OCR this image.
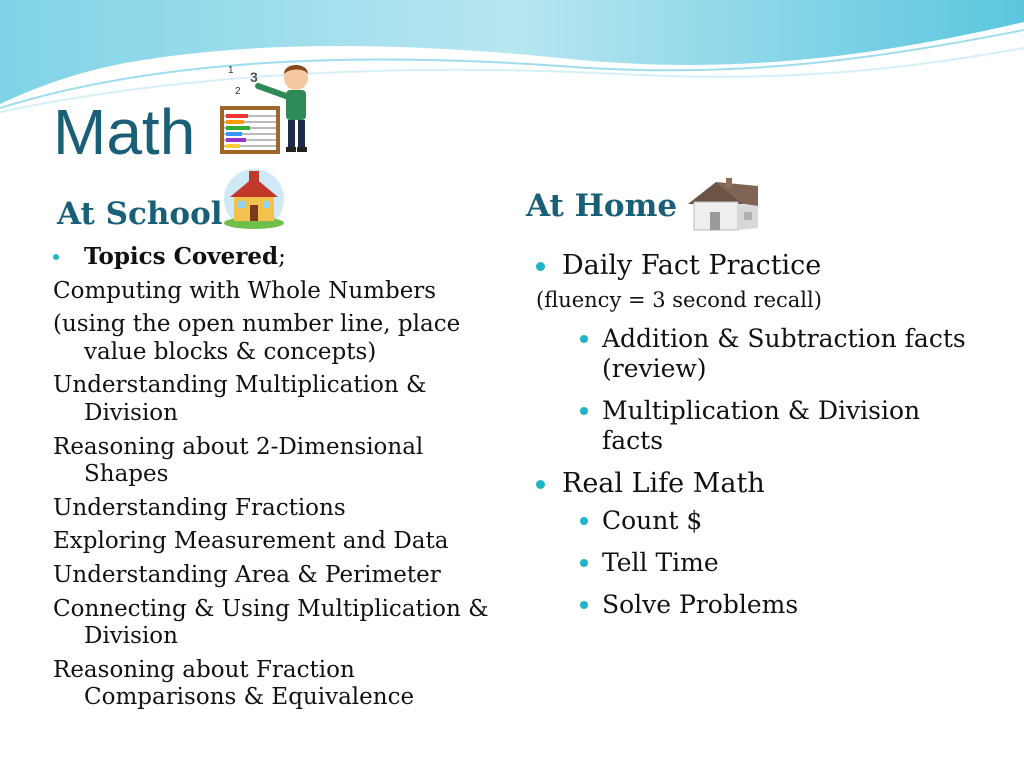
Math
1
2
3
At School	At Home

Topics Covered;

Computing with Whole Numbers
(using the open number line, place value blocks & concepts)
Understanding Multiplication & Division
Reasoning about 2-Dimensional Shapes
Understanding Fractions
Exploring Measurement and Data
Understanding Area & Perimeter
Connecting & Using Multiplication & Division
Reasoning about Fraction Comparisons & Equivalence
Daily Fact Practice

(fluency = 3 second recall)

Addition & Subtraction facts (review)
Multiplication & Division facts
Real Life Math
Count $
Tell Time
Solve Problems
